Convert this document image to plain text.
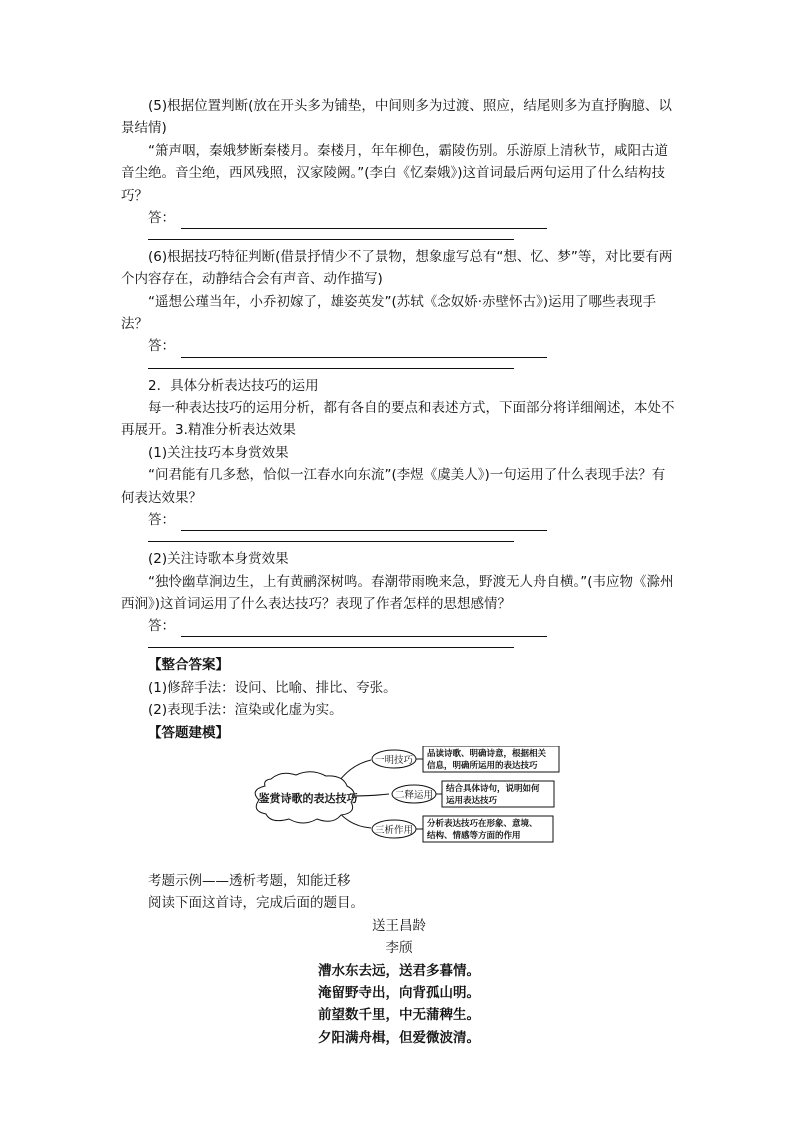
(5)根据位置判断(放在开头多为铺垫，中间则多为过渡、照应，结尾则多为直抒胸臆、以景结情)

“箫声咽，秦娥梦断秦楼月。秦楼月，年年柳色，霸陵伤别。乐游原上清秋节，咸阳古道音尘绝。音尘绝，西风残照，汉家陵阙。”(李白《忆秦娥》)这首词最后两句运用了什么结构技巧？

答：

(6)根据技巧特征判断(借景抒情少不了景物，想象虚写总有“想、忆、梦”等，对比要有两个内容存在，动静结合会有声音、动作描写)

“遥想公瑾当年，小乔初嫁了，雄姿英发”(苏轼《念奴娇·赤壁怀古》)运用了哪些表现手法？

答：

2．具体分析表达技巧的运用

每一种表达技巧的运用分析，都有各自的要点和表述方式，下面部分将详细阐述，本处不再展开。3.精准分析表达效果

(1)关注技巧本身赏效果

“问君能有几多愁，恰似一江春水向东流”(李煜《虞美人》)一句运用了什么表现手法？有何表达效果？

答：

(2)关注诗歌本身赏效果

“独怜幽草涧边生，上有黄鹂深树鸣。春潮带雨晚来急，野渡无人舟自横。”(韦应物《滁州西涧》)这首词运用了什么表达技巧？表现了作者怎样的思想感情？

答：

【整合答案】

(1)修辞手法：设问、比喻、排比、夸张。

(2)表现手法：渲染或化虚为实。

【答题建模】

鉴赏诗歌的表达技巧
一明技巧
品读诗歌、明确诗意，根据相关
信息，明确所运用的表达技巧
二释运用
结合具体诗句，说明如何
运用表达技巧
三析作用
分析表达技巧在形象、意境、
结构、情感等方面的作用

考题示例——透析考题，知能迁移

阅读下面这首诗，完成后面的题目。

送王昌龄

李颀

漕水东去远，送君多暮情。

淹留野寺出，向背孤山明。

前望数千里，中无蒲稗生。

夕阳满舟楫，但爱微波清。
